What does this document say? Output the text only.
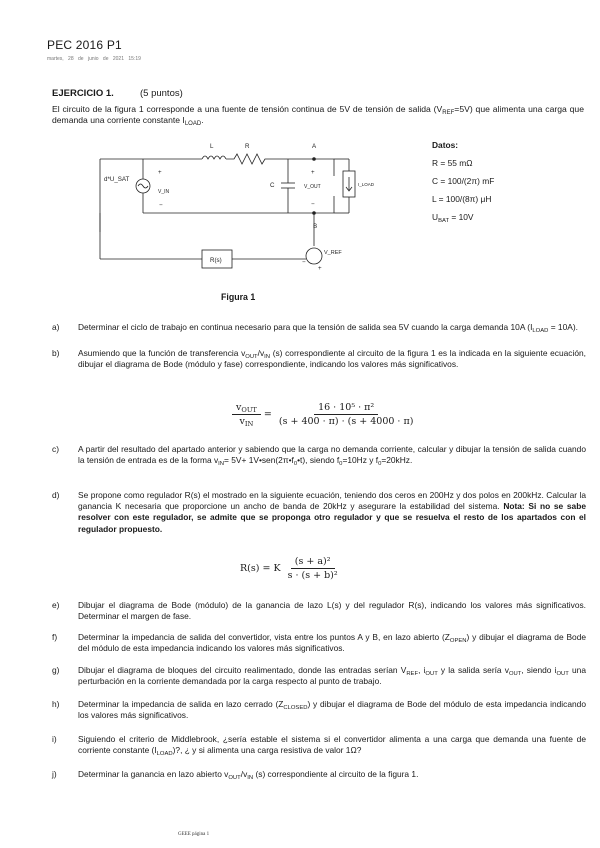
PEC 2016 P1
martes, 28 de junio de 2021 15:19
EJERCICIO 1.	(5 puntos)
El circuito de la figura 1 corresponde a una fuente de tensión continua de 5V de tensión de salida $(V_{REF}=5V)$ que alimenta una carga que demanda una corriente constante $I_{LOAD}$.
d*U_SAT
L	R	A
B
C
+
V_IN
−
+
V_OUT
−
I_LOAD
R(s)
V_REF
−
+
Datos:
R = 55 mΩ
C = 100/(2π) mF
L = 100/(8π) μH
$U_{BAT} = 10V$
Figura 1
a)	Determinar el ciclo de trabajo en continua necesario para que la tensión de salida sea 5V cuando la carga demanda 10A $(I_{LOAD} = 10A)$.
b)	Asumiendo que la función de transferencia $v_{OUT}/v_{IN}$ (s) correspondiente al circuito de la figura 1 es la indicada en la siguiente ecuación, dibujar el diagrama de Bode (módulo y fase) correspondiente, indicando los valores más significativos.
$\frac{v_{OUT}}{v_{IN}} = \frac{\text{16 · 10⁵ · π²}}{(s + 400 \cdot \pi) \cdot (s + 4000 \cdot \pi)}$
c)	A partir del resultado del apartado anterior y sabiendo que la carga no demanda corriente, calcular y dibujar la tensión de salida cuando la tensión de entrada es de la forma $v_{IN}= 5V+$ $1V•sen(2\pi•f_0•t)$, siendo $f_0=10Hz$ y $f_0=20kHz$.
d)	Se propone como regulador R(s) el mostrado en la siguiente ecuación, teniendo dos ceros en 200Hz y dos polos en 200kHz. Calcular la ganancia K necesaria que proporcione un ancho de banda de 20kHz y asegurare la estabilidad del sistema. Nota: Si no se sabe resolver con este regulador, se admite que se proponga otro regulador y que se resuelva el resto de los apartados con el regulador propuesto.
R(s) = K $\frac{\text{(s + a)²}}{\text{s · (s + b)²}}$
e)	Dibujar el diagrama de Bode (módulo) de la ganancia de lazo L(s) y del regulador R(s), indicando los valores más significativos. Determinar el margen de fase.
f)	Determinar la impedancia de salida del convertidor, vista entre los puntos A y B, en lazo abierto $(Z_{OPEN})$ y dibujar el diagrama de Bode del módulo de esta impedancia indicando los valores más significativos.
g)	Dibujar el diagrama de bloques del circuito realimentado, donde las entradas serían $V_{REF}$, $i_{OUT}$ y la salida sería $v_{OUT}$, siendo $i_{OUT}$ una perturbación en la corriente demandada por la carga respecto al punto de trabajo.
h)	Determinar la impedancia de salida en lazo cerrado $(Z_{CLOSED})$ y dibujar el diagrama de Bode del módulo de esta impedancia indicando los valores más significativos.
i)	Siguiendo el criterio de Middlebrook, ¿sería estable el sistema si el convertidor alimenta a una carga que demanda una fuente de corriente constante $(I_{LOAD})$?, ¿ y si alimenta una carga resistiva de valor 1Ω?
j)	Determinar la ganancia en lazo abierto $v_{OUT}/v_{IN}$ (s) correspondiente al circuito de la figura 1.
GEEE página 1
